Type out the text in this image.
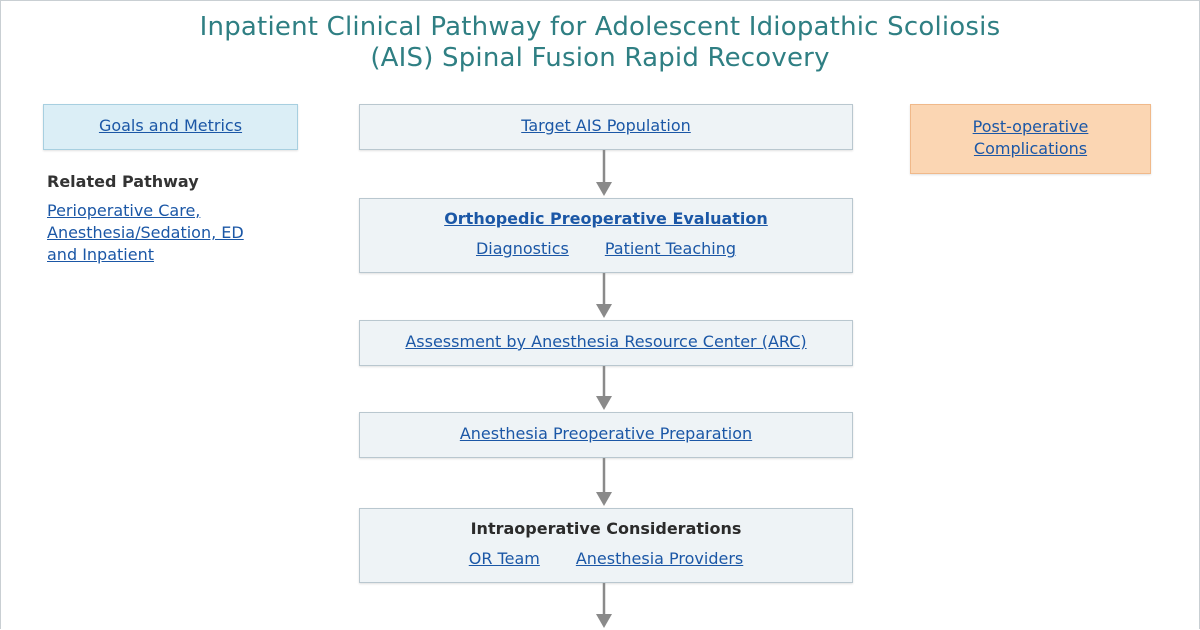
Inpatient Clinical Pathway for Adolescent Idiopathic Scoliosis
(AIS) Spinal Fusion Rapid Recovery
Goals and Metrics
Related Pathway
Perioperative Care,
Anesthesia/Sedation, ED
and Inpatient
Post-operative
Complications
Target AIS Population
Orthopedic Preoperative Evaluation
Diagnostics Patient Teaching
Assessment by Anesthesia Resource Center (ARC)
Anesthesia Preoperative Preparation
Intraoperative Considerations
OR Team Anesthesia Providers
